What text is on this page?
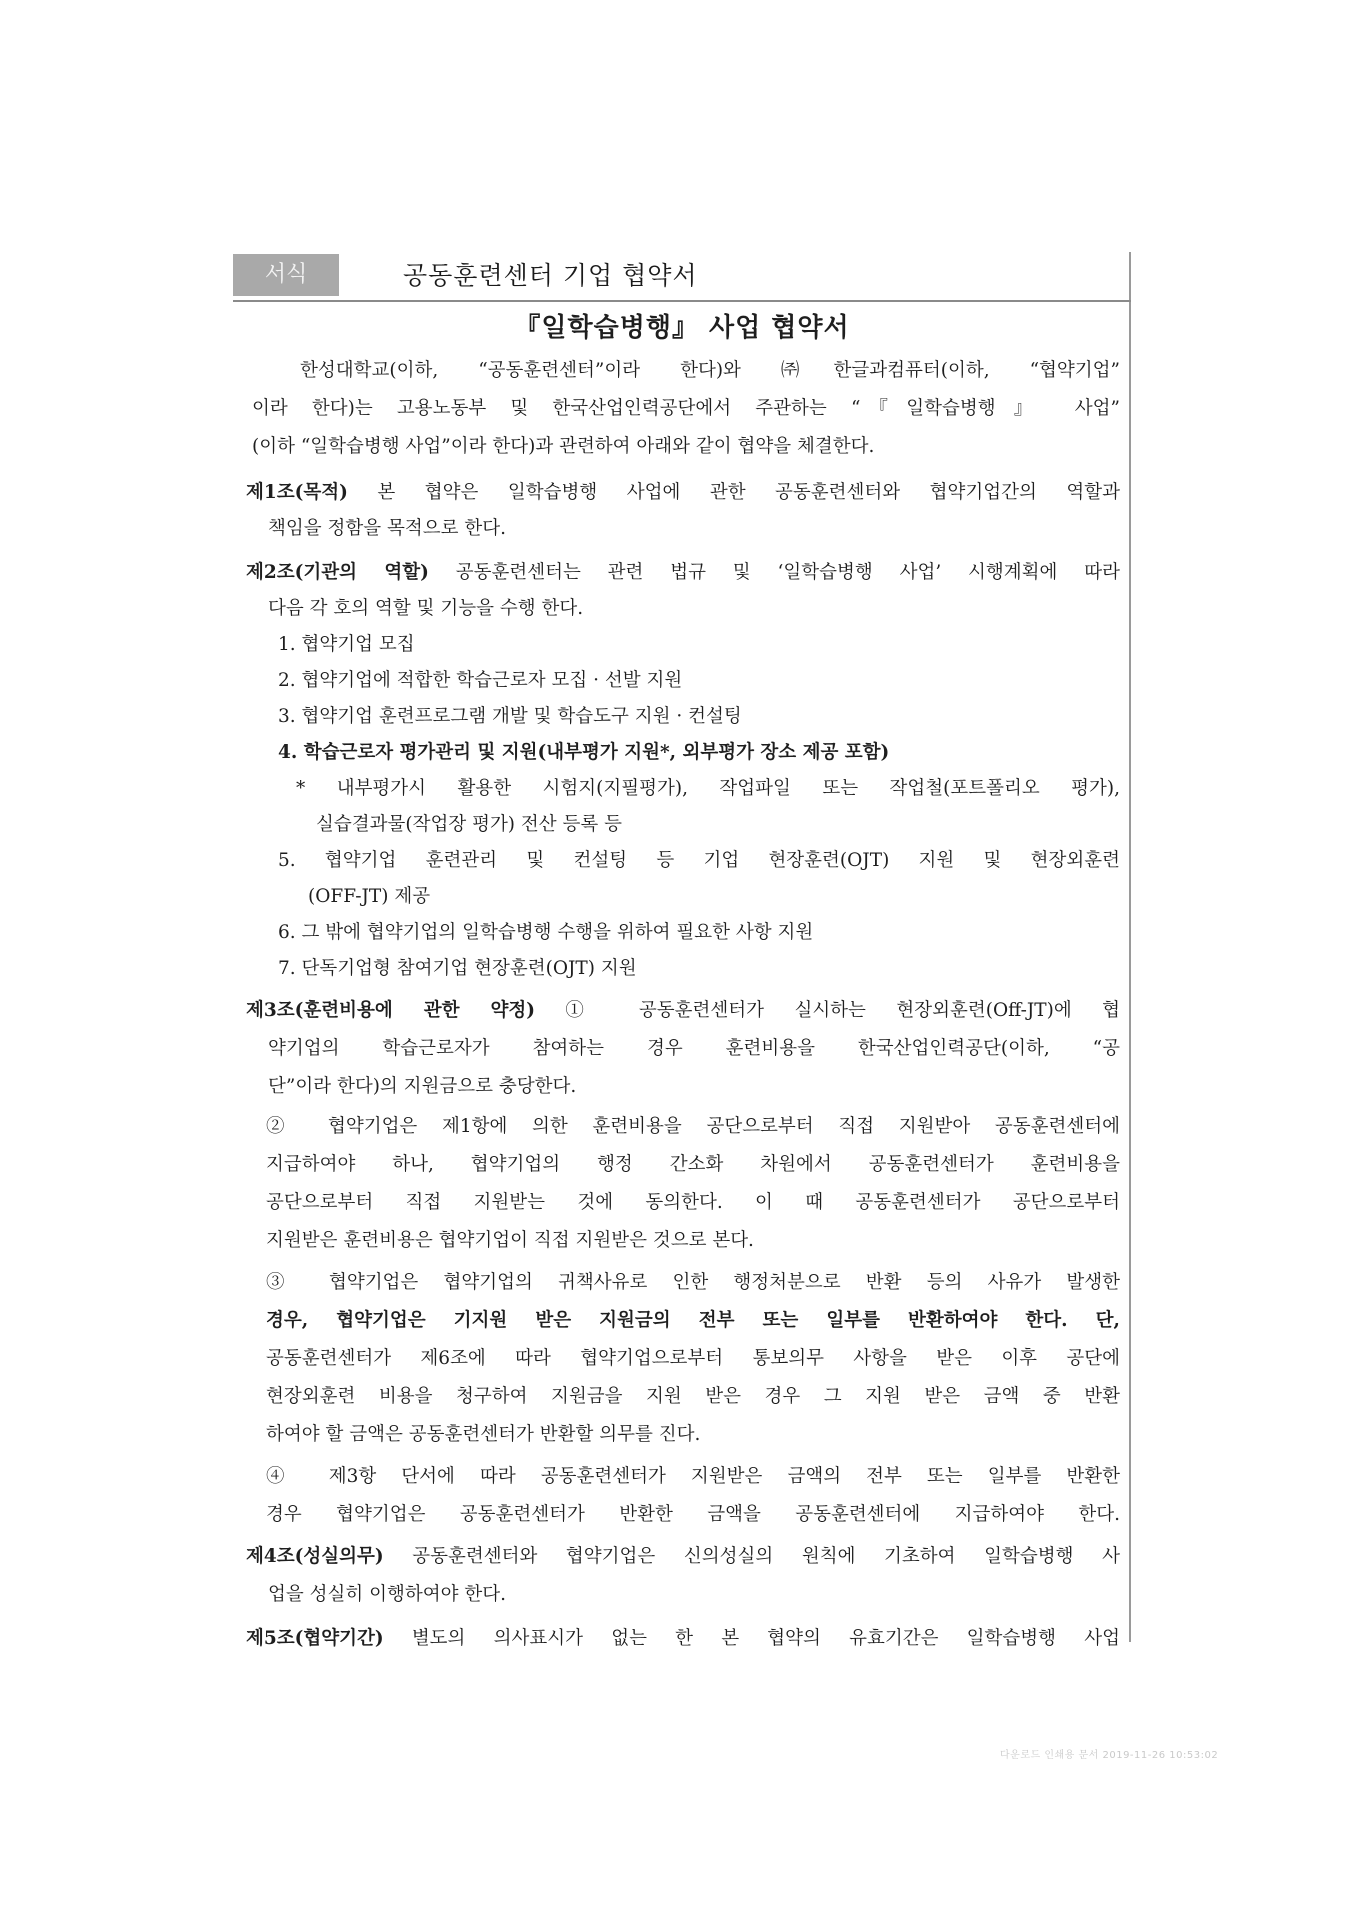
서식	공동훈련센터 기업 협약서
『일학습병행』 사업 협약서
한성대학교(이하, “공동훈련센터”이라 한다)와 ㈜한글과컴퓨터(이하, “협약기업”
이라 한다)는 고용노동부 및 한국산업인력공단에서 주관하는 “『일학습병행』 사업”
(이하 “일학습병행 사업”이라 한다)과 관련하여 아래와 같이 협약을 체결한다.
제1조(목적) 본 협약은 일학습병행 사업에 관한 공동훈련센터와 협약기업간의 역할과
책임을 정함을 목적으로 한다.
제2조(기관의 역할) 공동훈련센터는 관련 법규 및 ‘일학습병행 사업’ 시행계획에 따라
다음 각 호의 역할 및 기능을 수행 한다.
1. 협약기업 모집
2. 협약기업에 적합한 학습근로자 모집 · 선발 지원
3. 협약기업 훈련프로그램 개발 및 학습도구 지원 · 컨설팅
4. 학습근로자 평가관리 및 지원(내부평가 지원*, 외부평가 장소 제공 포함)
* 내부평가시 활용한 시험지(지필평가), 작업파일 또는 작업철(포트폴리오 평가),
실습결과물(작업장 평가) 전산 등록 등
5. 협약기업 훈련관리 및 컨설팅 등 기업 현장훈련(OJT) 지원 및 현장외훈련
(OFF-JT) 제공
6. 그 밖에 협약기업의 일학습병행 수행을 위하여 필요한 사항 지원
7. 단독기업형 참여기업 현장훈련(OJT) 지원
제3조(훈련비용에 관한 약정) ① 공동훈련센터가 실시하는 현장외훈련(Off-JT)에 협
약기업의 학습근로자가 참여하는 경우 훈련비용을 한국산업인력공단(이하, “공
단”이라 한다)의 지원금으로 충당한다.
② 협약기업은 제1항에 의한 훈련비용을 공단으로부터 직접 지원받아 공동훈련센터에
지급하여야 하나, 협약기업의 행정 간소화 차원에서 공동훈련센터가 훈련비용을
공단으로부터 직접 지원받는 것에 동의한다. 이 때 공동훈련센터가 공단으로부터
지원받은 훈련비용은 협약기업이 직접 지원받은 것으로 본다.
③ 협약기업은 협약기업의 귀책사유로 인한 행정처분으로 반환 등의 사유가 발생한
경우, 협약기업은 기지원 받은 지원금의 전부 또는 일부를 반환하여야 한다. 단,
공동훈련센터가 제6조에 따라 협약기업으로부터 통보의무 사항을 받은 이후 공단에
현장외훈련 비용을 청구하여 지원금을 지원 받은 경우 그 지원 받은 금액 중 반환
하여야 할 금액은 공동훈련센터가 반환할 의무를 진다.
④ 제3항 단서에 따라 공동훈련센터가 지원받은 금액의 전부 또는 일부를 반환한
경우 협약기업은 공동훈련센터가 반환한 금액을 공동훈련센터에 지급하여야 한다.
제4조(성실의무) 공동훈련센터와 협약기업은 신의성실의 원칙에 기초하여 일학습병행 사
업을 성실히 이행하여야 한다.
제5조(협약기간) 별도의 의사표시가 없는 한 본 협약의 유효기간은 일학습병행 사업
다운로드 인쇄용 문서 2019-11-26 10:53:02
